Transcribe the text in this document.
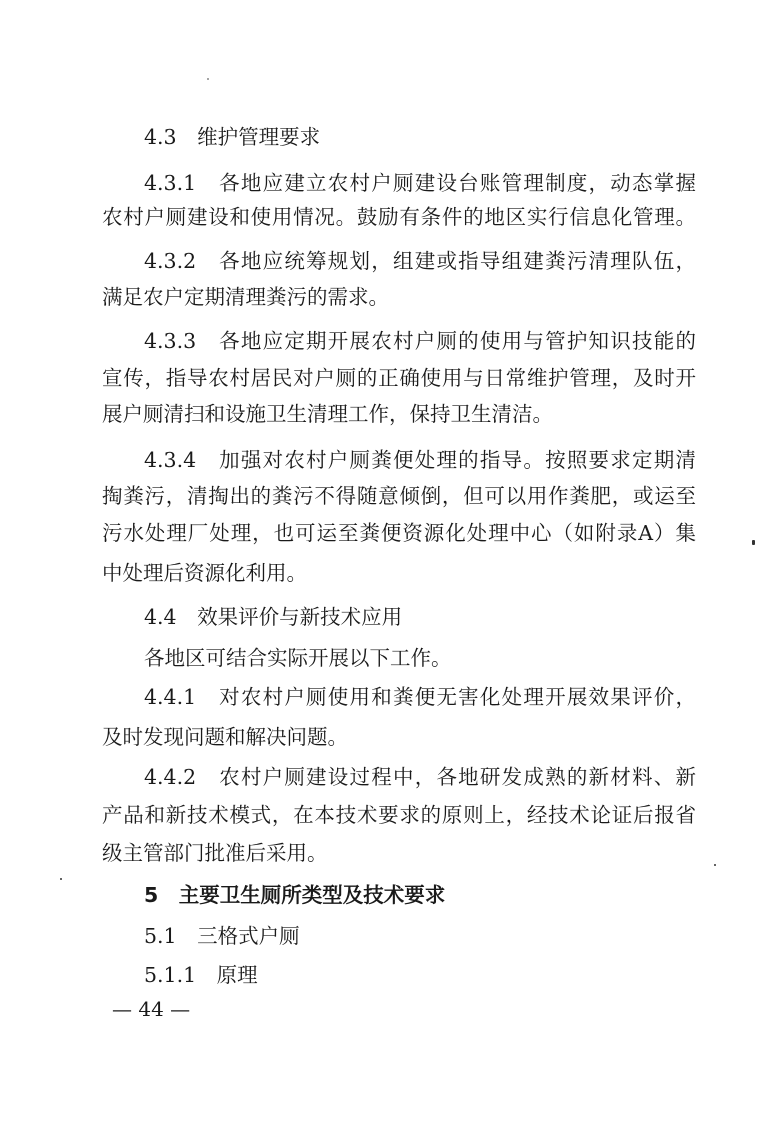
4.3　维护管理要求
4.3.1　各地应建立农村户厕建设台账管理制度，动态掌握
农村户厕建设和使用情况。鼓励有条件的地区实行信息化管理。
4.3.2　各地应统筹规划，组建或指导组建粪污清理队伍，
满足农户定期清理粪污的需求。
4.3.3　各地应定期开展农村户厕的使用与管护知识技能的
宣传，指导农村居民对户厕的正确使用与日常维护管理，及时开
展户厕清扫和设施卫生清理工作，保持卫生清洁。
4.3.4　加强对农村户厕粪便处理的指导。按照要求定期清
掏粪污，清掏出的粪污不得随意倾倒，但可以用作粪肥，或运至
污水处理厂处理，也可运至粪便资源化处理中心（如附录A）集
中处理后资源化利用。
4.4　效果评价与新技术应用
各地区可结合实际开展以下工作。
4.4.1　对农村户厕使用和粪便无害化处理开展效果评价，
及时发现问题和解决问题。
4.4.2　农村户厕建设过程中，各地研发成熟的新材料、新
产品和新技术模式，在本技术要求的原则上，经技术论证后报省
级主管部门批准后采用。
5　主要卫生厕所类型及技术要求
5.1　三格式户厕
5.1.1　原理
— 44 —
